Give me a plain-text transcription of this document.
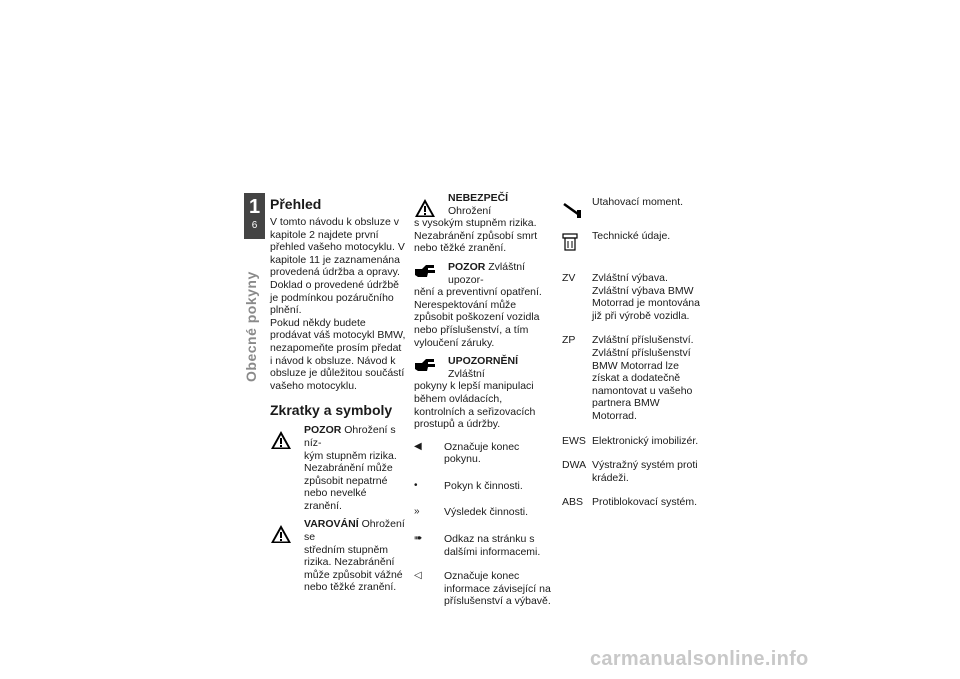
1
6
Obecné pokyny
Přehled

V tomto návodu k obsluze v kapitole 2 najdete první přehled vašeho motocyklu. V kapitole 11 je zaznamenána provedená údržba a opravy. Doklad o provedené údržbě je podmínkou pozáručního plnění.

Pokud někdy budete prodávat váš motocykl BMW, nezapomeňte prosím předat i návod k obsluze. Návod k obsluze je důležitou součástí vašeho motocyklu.

Zkratky a symboly
POZOR Ohrožení s níz-
kým stupněm rizika. Nezabránění může způsobit nepatrné nebo nevelké zranění.
VAROVÁNÍ Ohrožení se
středním stupněm rizika. Nezabránění může způsobit vážné nebo těžké zranění.
NEBEZPEČÍ Ohrožení
s vysokým stupněm rizika. Nezabránění způsobí smrt nebo těžké zranění.
POZOR Zvláštní upozor-
nění a preventivní opatření. Nerespektování může způsobit poškození vozidla nebo příslušenství, a tím vyloučení záruky.
UPOZORNĚNÍ Zvláštní
pokyny k lepší manipulaci během ovládacích, kontrolních a seřizovacích prostupů a údržby.
◀	Označuje konec pokynu.
•	Pokyn k činnosti.
»	Výsledek činnosti.
➠	Odkaz na stránku s dalšími informacemi.
◁	Označuje konec informace závisející na příslušenství a výbavě.
Utahovací moment.
Technické údaje.
ZV Zvláštní výbava.
Zvláštní výbava BMW Motorrad je montována již při výrobě vozidla.
ZP Zvláštní příslušenství.
Zvláštní příslušenství BMW Motorrad lze získat a dodatečně namontovat u vašeho partnera BMW Motorrad.
EWS Elektronický imobilizér.
DWA Výstražný systém proti krádeži.
ABS Protiblokovací systém.
carmanualsonline.info
